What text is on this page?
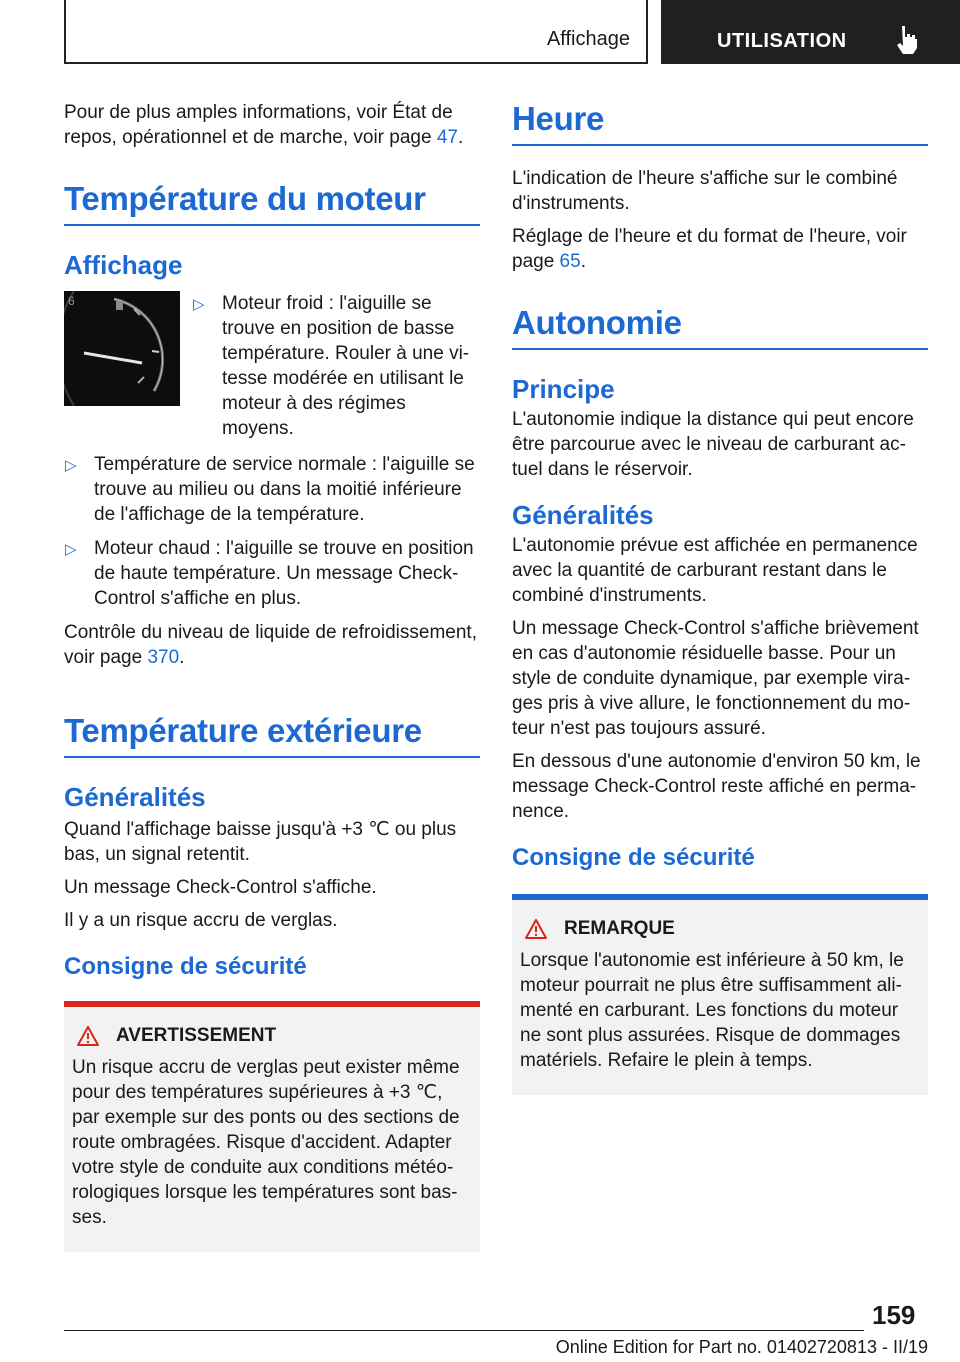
Affichage	UTILISATION

Pour de plus amples informations, voir État de repos, opérationnel et de marche, voir page 47.

Température du moteur
Affichage
6	▷ Moteur froid : l'aiguille se trouve en position de basse température. Rouler à une vi-tesse modérée en utilisant le moteur à des régimes moyens.
▷ Température de service normale : l'aiguille se trouve au milieu ou dans la moitié inférieure de l'affichage de la température.
▷ Moteur chaud : l'aiguille se trouve en position de haute température. Un message Check-Control s'affiche en plus.

Contrôle du niveau de liquide de refroidissement, voir page 370.

Température extérieure
Généralités

Quand l'affichage baisse jusqu'à +3 ℃ ou plus bas, un signal retentit.

Un message Check-Control s'affiche.

Il y a un risque accru de verglas.

Consigne de sécurité
AVERTISSEMENT

Un risque accru de verglas peut exister même pour des températures supérieures à +3 ℃, par exemple sur des ponts ou des sections de route ombragées. Risque d'accident. Adapter votre style de conduite aux conditions météo-rologiques lorsque les températures sont bas-ses.

Heure

L'indication de l'heure s'affiche sur le combiné d'instruments.

Réglage de l'heure et du format de l'heure, voir page 65.

Autonomie
Principe

L'autonomie indique la distance qui peut encore être parcourue avec le niveau de carburant ac-tuel dans le réservoir.

Généralités

L'autonomie prévue est affichée en permanence avec la quantité de carburant restant dans le combiné d'instruments.

Un message Check-Control s'affiche brièvement en cas d'autonomie résiduelle basse. Pour un style de conduite dynamique, par exemple vira-ges pris à vive allure, le fonctionnement du mo-teur n'est pas toujours assuré.

En dessous d'une autonomie d'environ 50 km, le message Check-Control reste affiché en perma-nence.

Consigne de sécurité
REMARQUE

Lorsque l'autonomie est inférieure à 50 km, le moteur pourrait ne plus être suffisamment ali-menté en carburant. Les fonctions du moteur ne sont plus assurées. Risque de dommages matériels. Refaire le plein à temps.

159
Online Edition for Part no. 01402720813 - II/19
